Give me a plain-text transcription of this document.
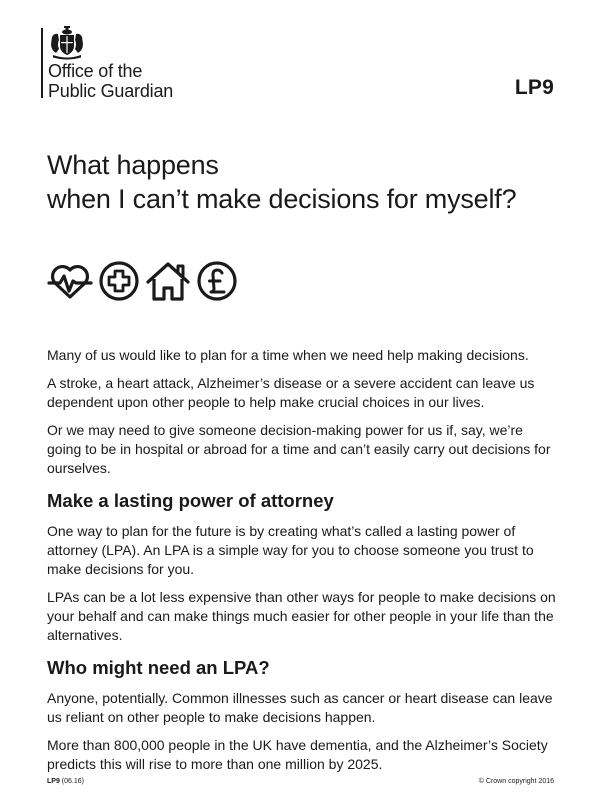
Office of the
Public Guardian	LP9
What happens
when I can’t make decisions for myself?

Many of us would like to plan for a time when we need help making decisions.

A stroke, a heart attack, Alzheimer’s disease or a severe accident can leave us dependent upon other people to help make crucial choices in our lives.

Or we may need to give someone decision-making power for us if, say, we’re going to be in hospital or abroad for a time and can’t easily carry out decisions for ourselves.

Make a lasting power of attorney

One way to plan for the future is by creating what’s called a lasting power of attorney (LPA). An LPA is a simple way for you to choose someone you trust to make decisions for you.

LPAs can be a lot less expensive than other ways for people to make decisions on your behalf and can make things much easier for other people in your life than the alternatives.

Who might need an LPA?

Anyone, potentially. Common illnesses such as cancer or heart disease can leave us reliant on other people to make decisions happen.

More than 800,000 people in the UK have dementia, and the Alzheimer’s Society predicts this will rise to more than one million by 2025.

LP9 (06.16)	© Crown copyright 2016
